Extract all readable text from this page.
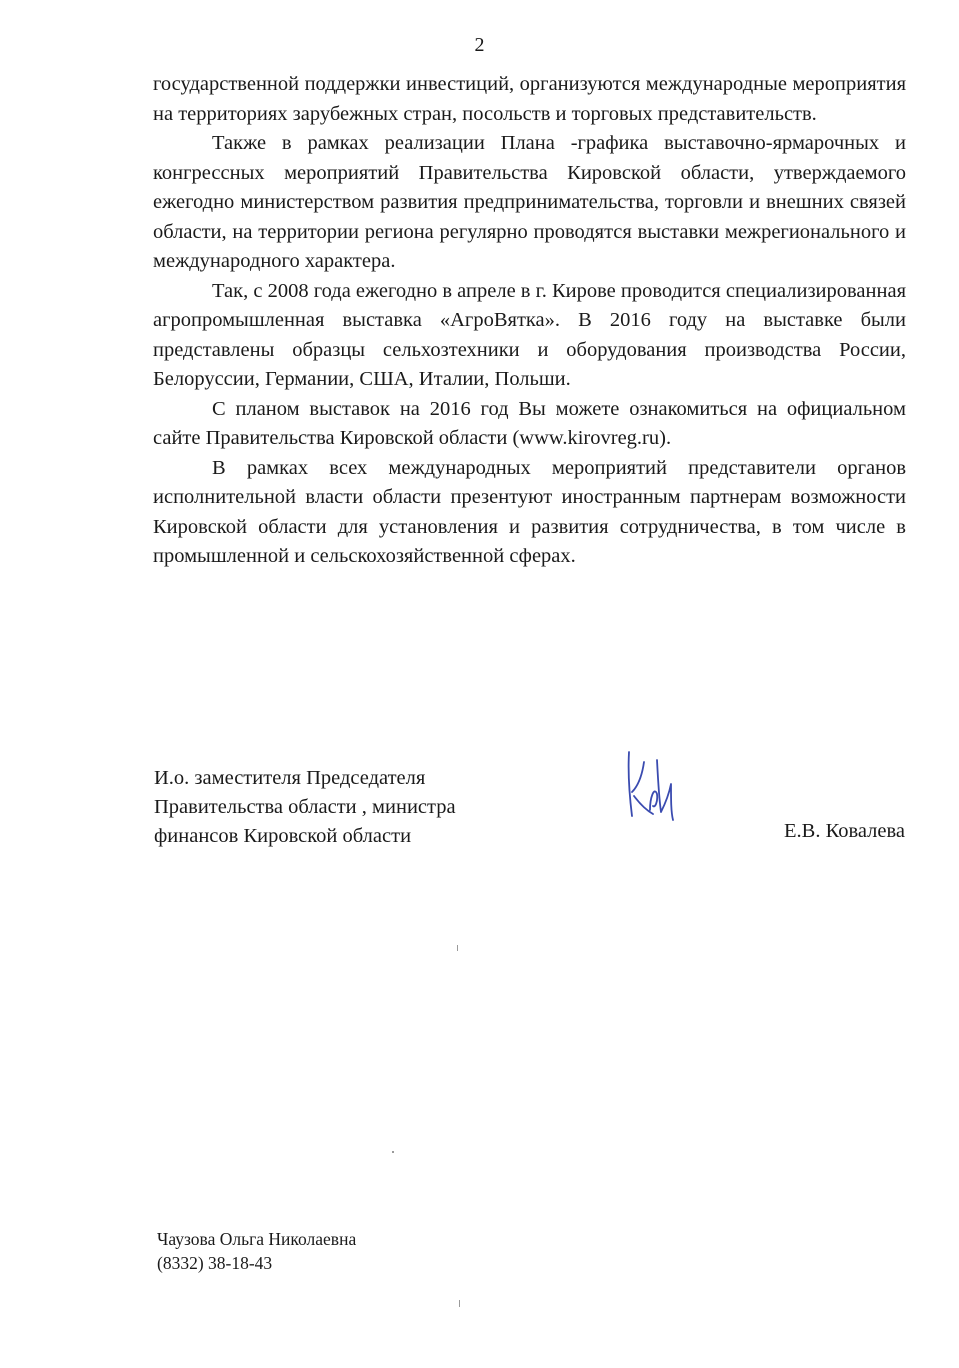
2

государственной поддержки инвестиций, организуются международные мероприятия на территориях зарубежных стран, посольств и торговых представительств.

Также в рамках реализации Плана -графика выставочно-ярмарочных и конгрессных мероприятий Правительства Кировской области, утверждаемого ежегодно министерством развития предпринимательства, торговли и внешних связей области, на территории региона регулярно проводятся выставки межрегионального и международного характера.

Так, с 2008 года ежегодно в апреле в г. Кирове проводится специализированная агропромышленная выставка «АгроВятка». В 2016 году на выставке были представлены образцы сельхозтехники и оборудования производства России, Белоруссии, Германии, США, Италии, Польши.

С планом выставок на 2016 год Вы можете ознакомиться на официальном сайте Правительства Кировской области (www.kirovreg.ru).

В рамках всех международных мероприятий представители органов исполнительной власти области презентуют иностранным партнерам возможности Кировской области для установления и развития сотрудничества, в том числе в промышленной и сельскохозяйственной сферах.

И.о. заместителя Председателя
Правительства области , министра
финансов Кировской области	Е.В. Ковалева
Чаузова Ольга Николаевна
(8332) 38-18-43
